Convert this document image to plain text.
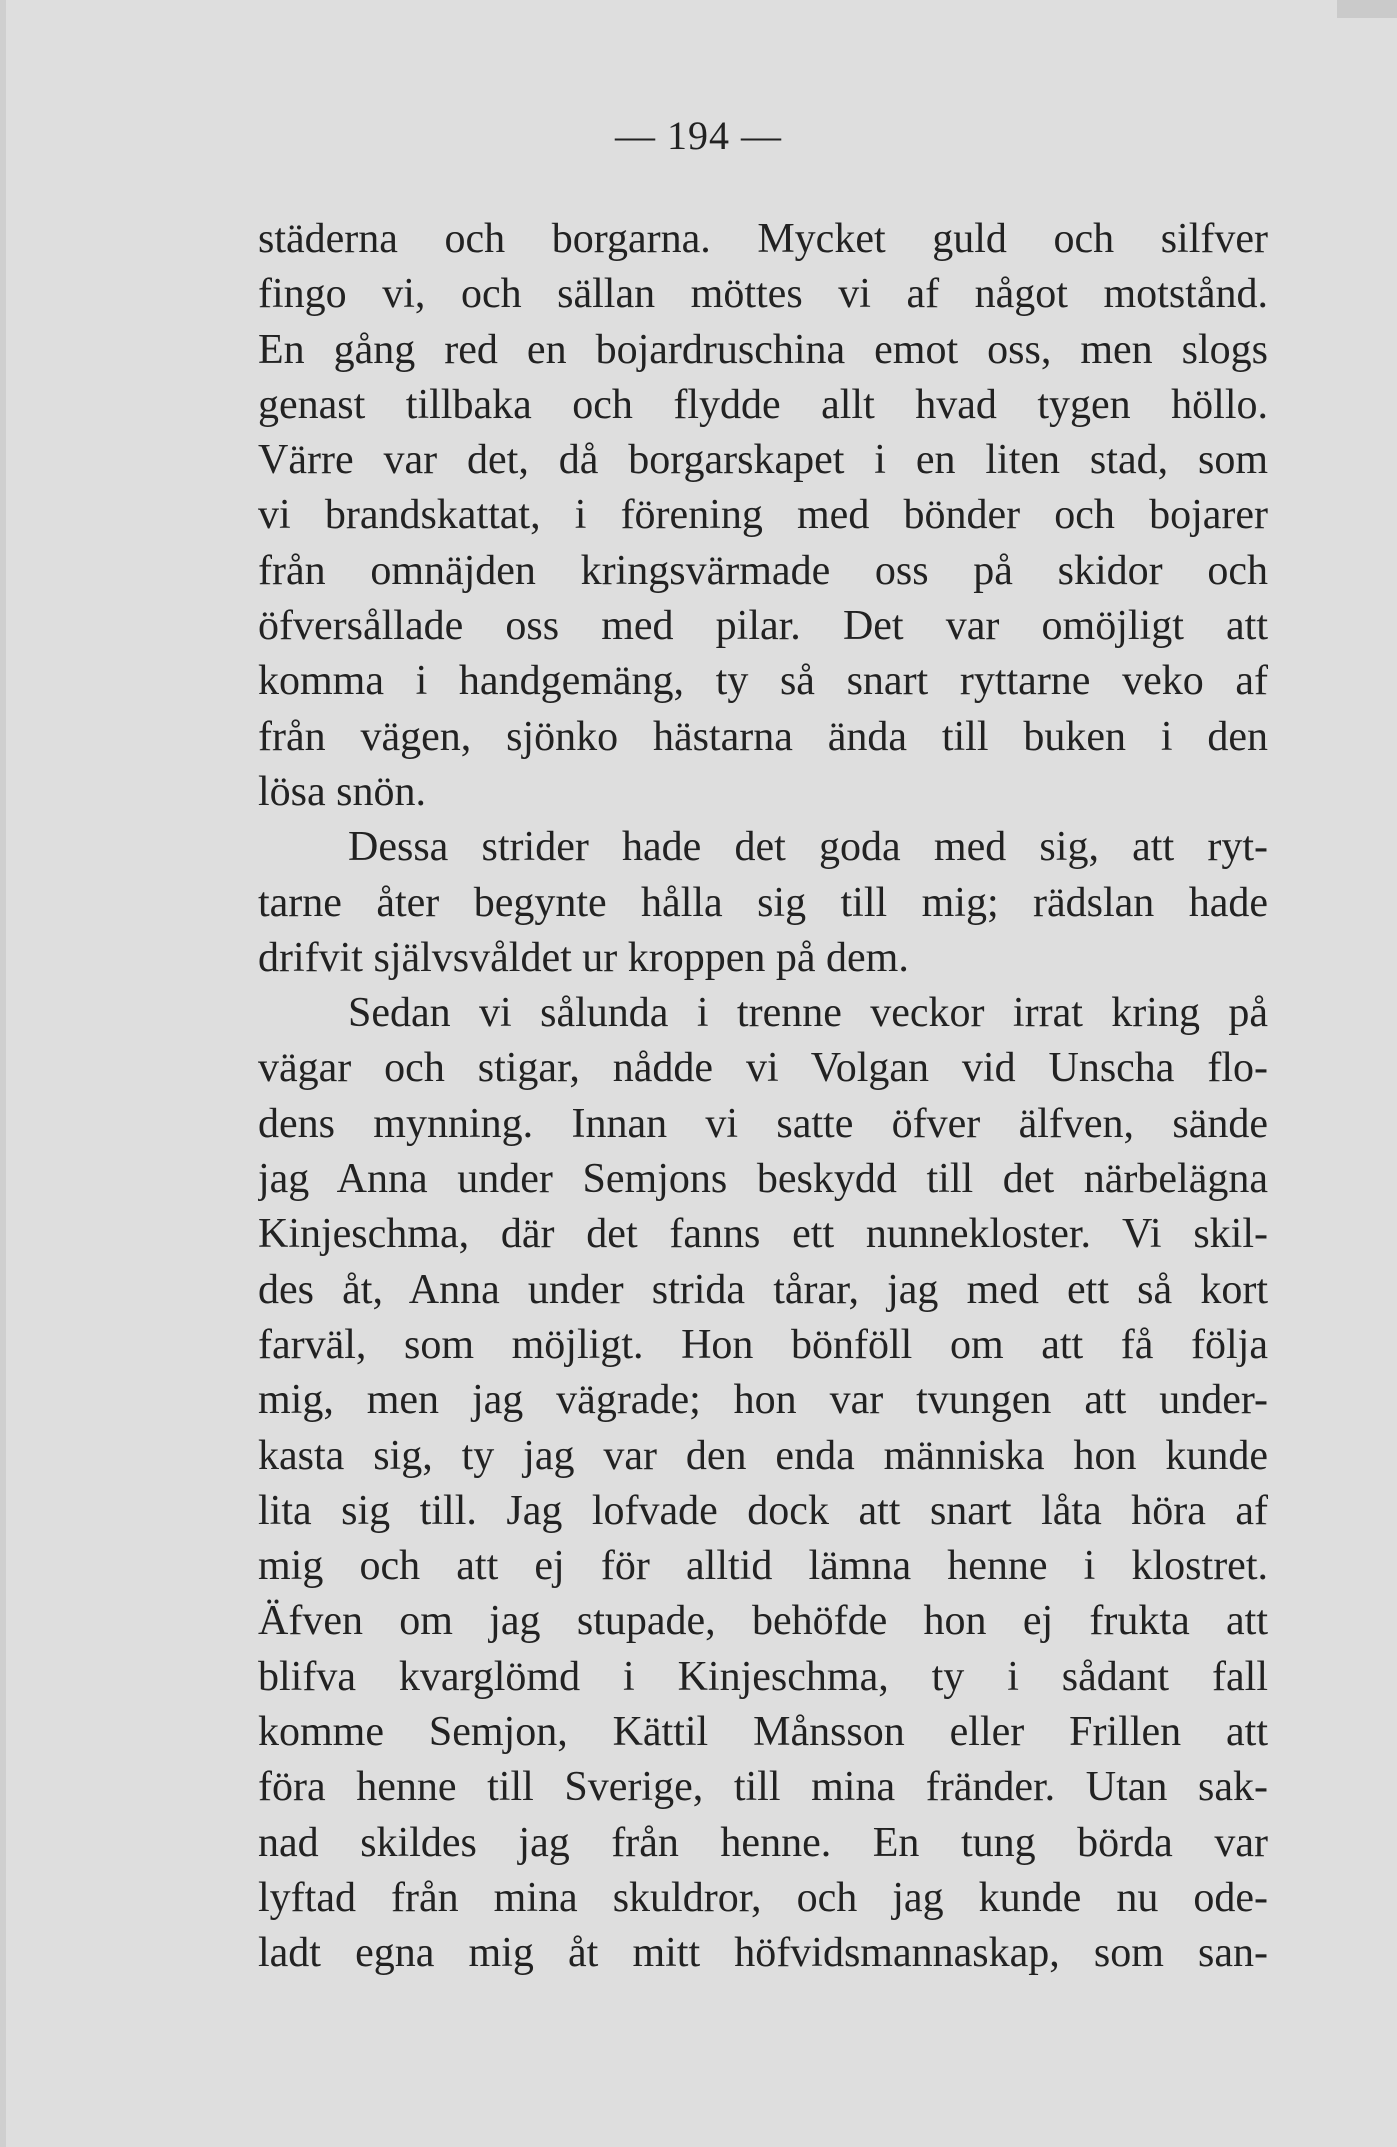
— 194 —
städerna och borgarna. Mycket guld och silfver
fingo vi, och sällan möttes vi af något motstånd.
En gång red en bojardruschina emot oss, men slogs
genast tillbaka och flydde allt hvad tygen höllo.
Värre var det, då borgarskapet i en liten stad, som
vi brandskattat, i förening med bönder och bojarer
från omnäjden kringsvärmade oss på skidor och
öfversållade oss med pilar. Det var omöjligt att
komma i handgemäng, ty så snart ryttarne veko af
från vägen, sjönko hästarna ända till buken i den
lösa snön.
Dessa strider hade det goda med sig, att ryt-
tarne åter begynte hålla sig till mig; rädslan hade
drifvit självsvåldet ur kroppen på dem.
Sedan vi sålunda i trenne veckor irrat kring på
vägar och stigar, nådde vi Volgan vid Unscha flo-
dens mynning. Innan vi satte öfver älfven, sände
jag Anna under Semjons beskydd till det närbelägna
Kinjeschma, där det fanns ett nunnekloster. Vi skil-
des åt, Anna under strida tårar, jag med ett så kort
farväl, som möjligt. Hon bönföll om att få följa
mig, men jag vägrade; hon var tvungen att under-
kasta sig, ty jag var den enda människa hon kunde
lita sig till. Jag lofvade dock att snart låta höra af
mig och att ej för alltid lämna henne i klostret.
Äfven om jag stupade, behöfde hon ej frukta att
blifva kvarglömd i Kinjeschma, ty i sådant fall
komme Semjon, Kättil Månsson eller Frillen att
föra henne till Sverige, till mina fränder. Utan sak-
nad skildes jag från henne. En tung börda var
lyftad från mina skuldror, och jag kunde nu ode-
ladt egna mig åt mitt höfvidsmannaskap, som san-
